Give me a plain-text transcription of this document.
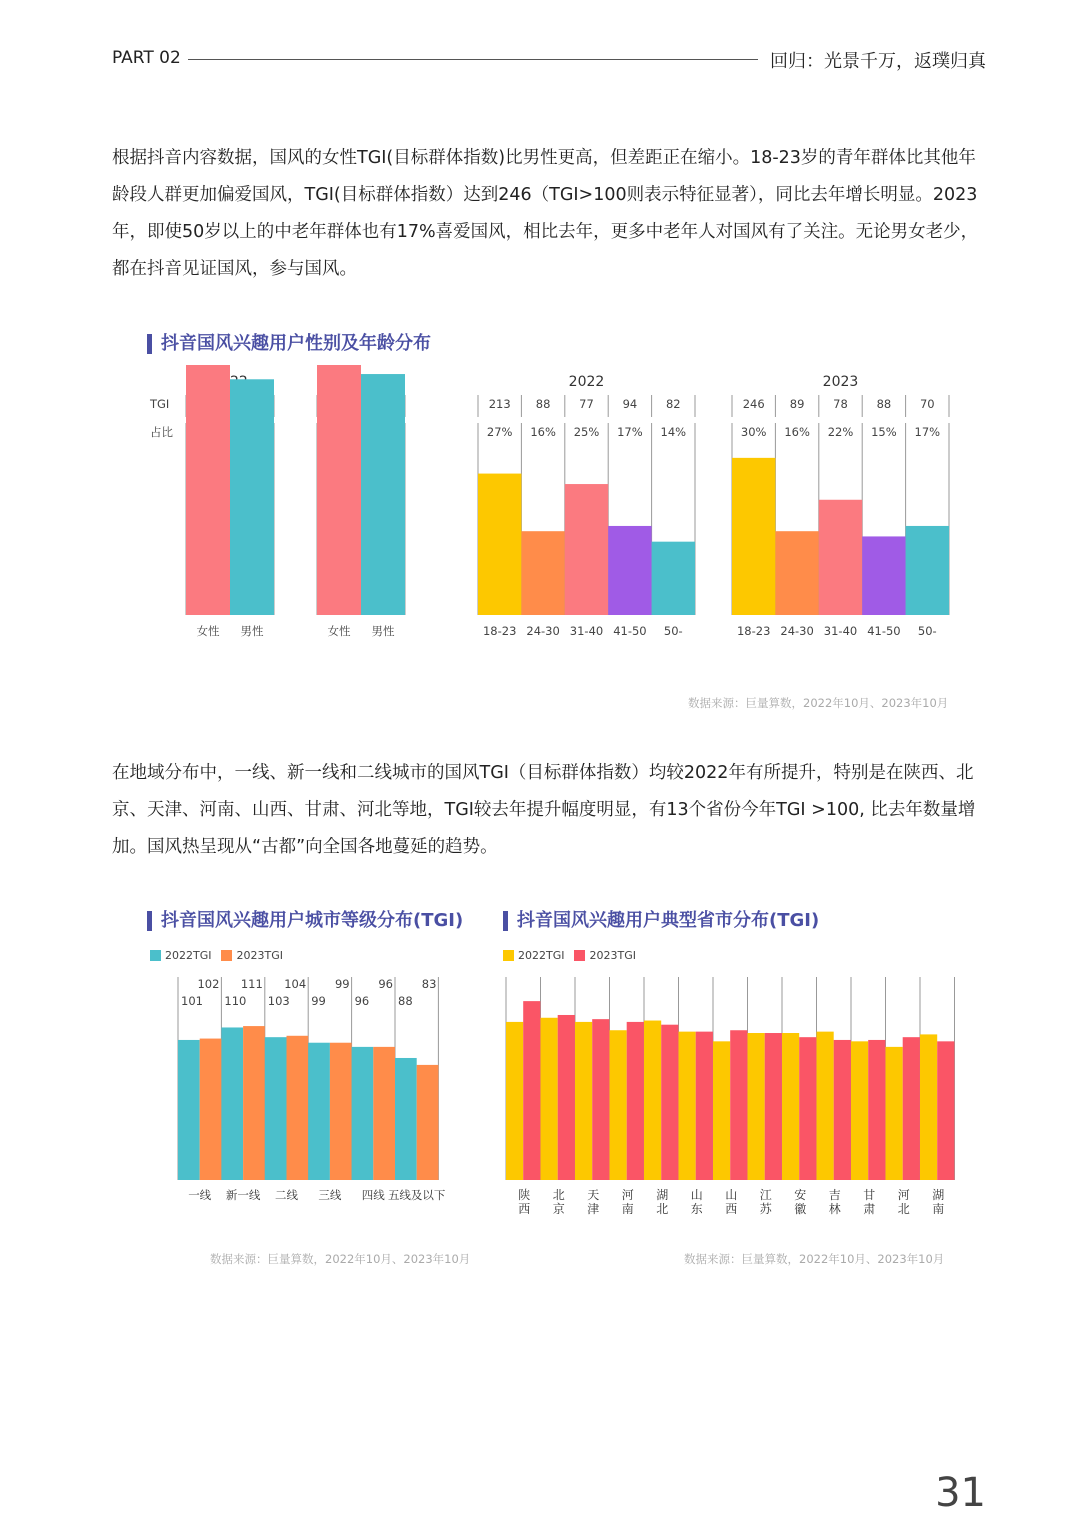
PART 02	回归：光景千万，返璞归真

根据抖音内容数据，国风的女性TGI(目标群体指数)比男性更高，但差距正在缩小。18-23岁的青年群体比其他年龄段人群更加偏爱国风，TGI(目标群体指数）达到246（TGI>100则表示特征显著），同比去年增长明显。2023年，即使50岁以上的中老年群体也有17%喜爱国风，相比去年，更多中老年人对国风有了关注。无论男女老少，都在抖音见证国风，参与国风。

抖音国风兴趣用户性别及年龄分布
TGI
占比
女性 男性	女性 男性
2022
213
27%
18-23
88
16%
24-30
77
25%
31-40
94
17%
41-50
82
14%
50-
2023
246
30%
18-23
89
16%
24-30
78
22%
31-40
88
15%
41-50
70
17%
50-
数据来源：巨量算数，2022年10月、2023年10月

在地域分布中，一线、新一线和二线城市的国风TGI（目标群体指数）均较2022年有所提升，特别是在陕西、北京、天津、河南、山西、甘肃、河北等地，TGI较去年提升幅度明显，有13个省份今年TGI >100, 比去年数量增加。国风热呈现从“古都”向全国各地蔓延的趋势。

抖音国风兴趣用户城市等级分布(TGI)
2022TGI 2023TGI
102
101
一线
111
110
新一线
104
103
二线
99
99
三线
96
96
四线
83
88
五线及以下
数据来源：巨量算数，2022年10月、2023年10月
抖音国风兴趣用户典型省市分布(TGI)
2022TGI 2023TGI
陕西
北京
天津
河南
湖北
山东
山西
江苏
安徽
吉林
甘肃
河北
湖南
数据来源：巨量算数，2022年10月、2023年10月
31
